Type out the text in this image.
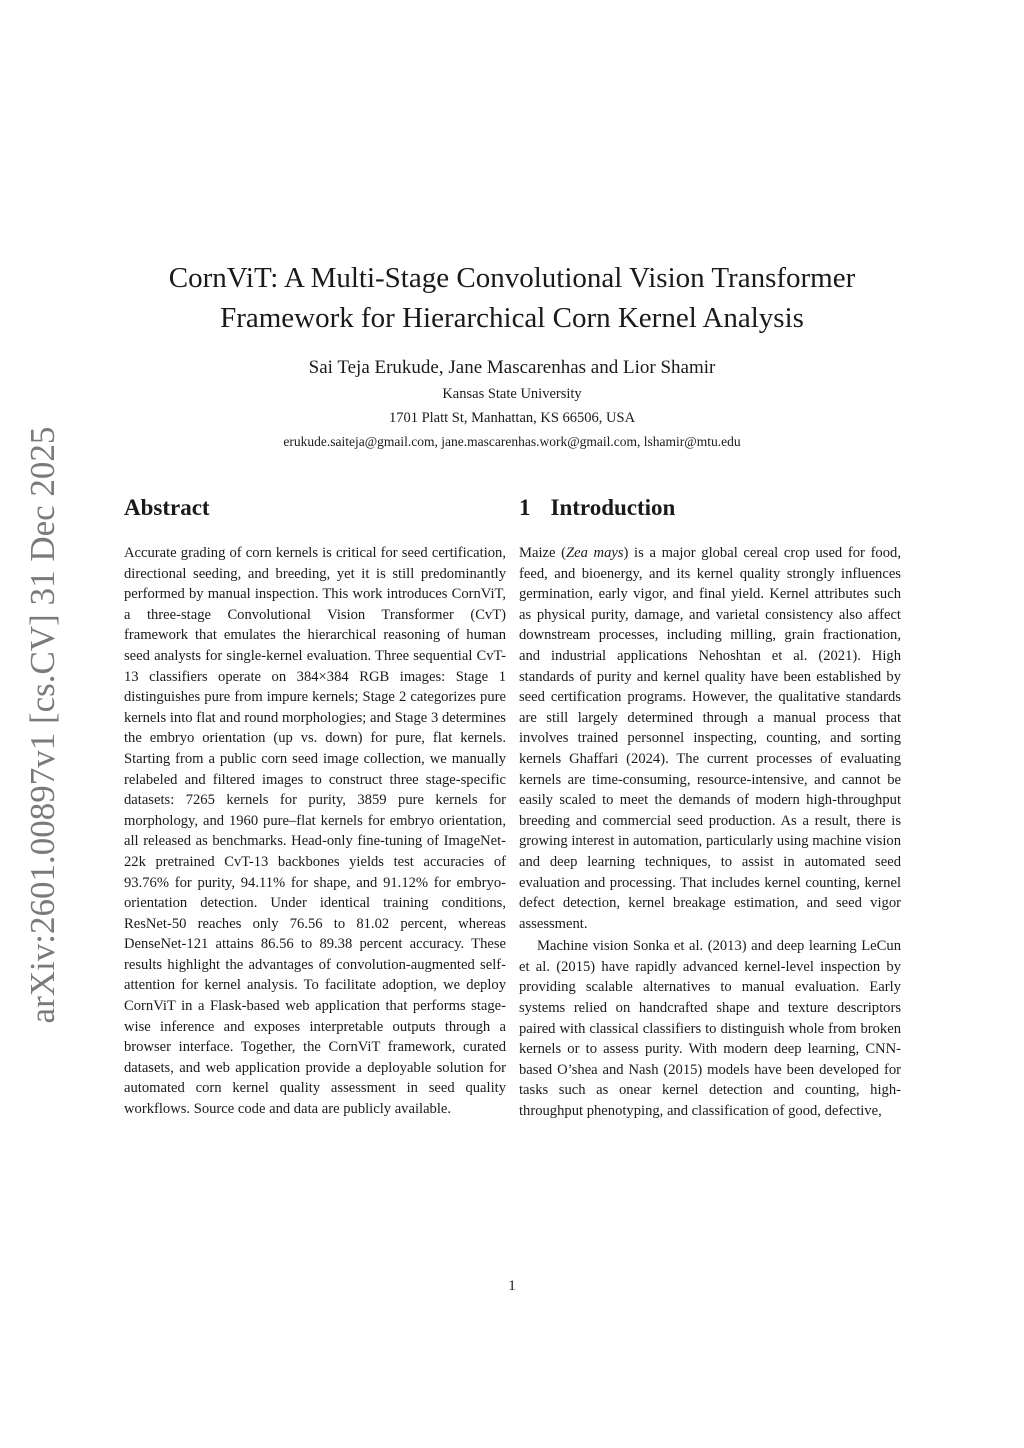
arXiv:2601.00897v1 [cs.CV] 31 Dec 2025
CornViT: A Multi-Stage Convolutional Vision Transformer
Framework for Hierarchical Corn Kernel Analysis
Sai Teja Erukude, Jane Mascarenhas and Lior Shamir
Kansas State University
1701 Platt St, Manhattan, KS 66506, USA
erukude.saiteja@gmail.com, jane.mascarenhas.work@gmail.com, lshamir@mtu.edu
Abstract	1 Introduction

Accurate grading of corn kernels is critical for seed certification, directional seeding, and breeding, yet it is still predominantly performed by manual inspection. This work introduces CornViT, a three-stage Convolutional Vision Transformer (CvT) framework that emulates the hierarchical reasoning of human seed analysts for single-kernel evaluation. Three sequential CvT-13 classifiers operate on 384×384 RGB images: Stage 1 distinguishes pure from impure kernels; Stage 2 categorizes pure kernels into flat and round morphologies; and Stage 3 determines the embryo orientation (up vs. down) for pure, flat kernels. Starting from a public corn seed image collection, we manually relabeled and filtered images to construct three stage-specific datasets: 7265 kernels for purity, 3859 pure kernels for morphology, and 1960 pure–flat kernels for embryo orientation, all released as benchmarks. Head-only fine-tuning of ImageNet-22k pretrained CvT-13 backbones yields test accuracies of 93.76% for purity, 94.11% for shape, and 91.12% for embryo-orientation detection. Under identical training conditions, ResNet-50 reaches only 76.56 to 81.02 percent, whereas DenseNet-121 attains 86.56 to 89.38 percent accuracy. These results highlight the advantages of convolution-augmented self-attention for kernel analysis. To facilitate adoption, we deploy CornViT in a Flask-based web application that performs stage-wise inference and exposes interpretable outputs through a browser interface. Together, the CornViT framework, curated datasets, and web application provide a deployable solution for automated corn kernel quality assessment in seed quality workflows. Source code and data are publicly available.

Maize (Zea mays) is a major global cereal crop used for food, feed, and bioenergy, and its kernel quality strongly influences germination, early vigor, and final yield. Kernel attributes such as physical purity, damage, and varietal consistency also affect downstream processes, including milling, grain fractionation, and industrial applications Nehoshtan et al. (2021). High standards of purity and kernel quality have been established by seed certification programs. However, the qualitative standards are still largely determined through a manual process that involves trained personnel inspecting, counting, and sorting kernels Ghaffari (2024). The current processes of evaluating kernels are time-consuming, resource-intensive, and cannot be easily scaled to meet the demands of modern high-throughput breeding and commercial seed production. As a result, there is growing interest in automation, particularly using machine vision and deep learning techniques, to assist in automated seed evaluation and processing. That includes kernel counting, kernel defect detection, kernel breakage estimation, and seed vigor assessment.

Machine vision Sonka et al. (2013) and deep learning LeCun et al. (2015) have rapidly advanced kernel-level inspection by providing scalable alternatives to manual evaluation. Early systems relied on handcrafted shape and texture descriptors paired with classical classifiers to distinguish whole from broken kernels or to assess purity. With modern deep learning, CNN-based O’shea and Nash (2015) models have been developed for tasks such as onear kernel detection and counting, high-throughput phenotyping, and classification of good, defective,

1
